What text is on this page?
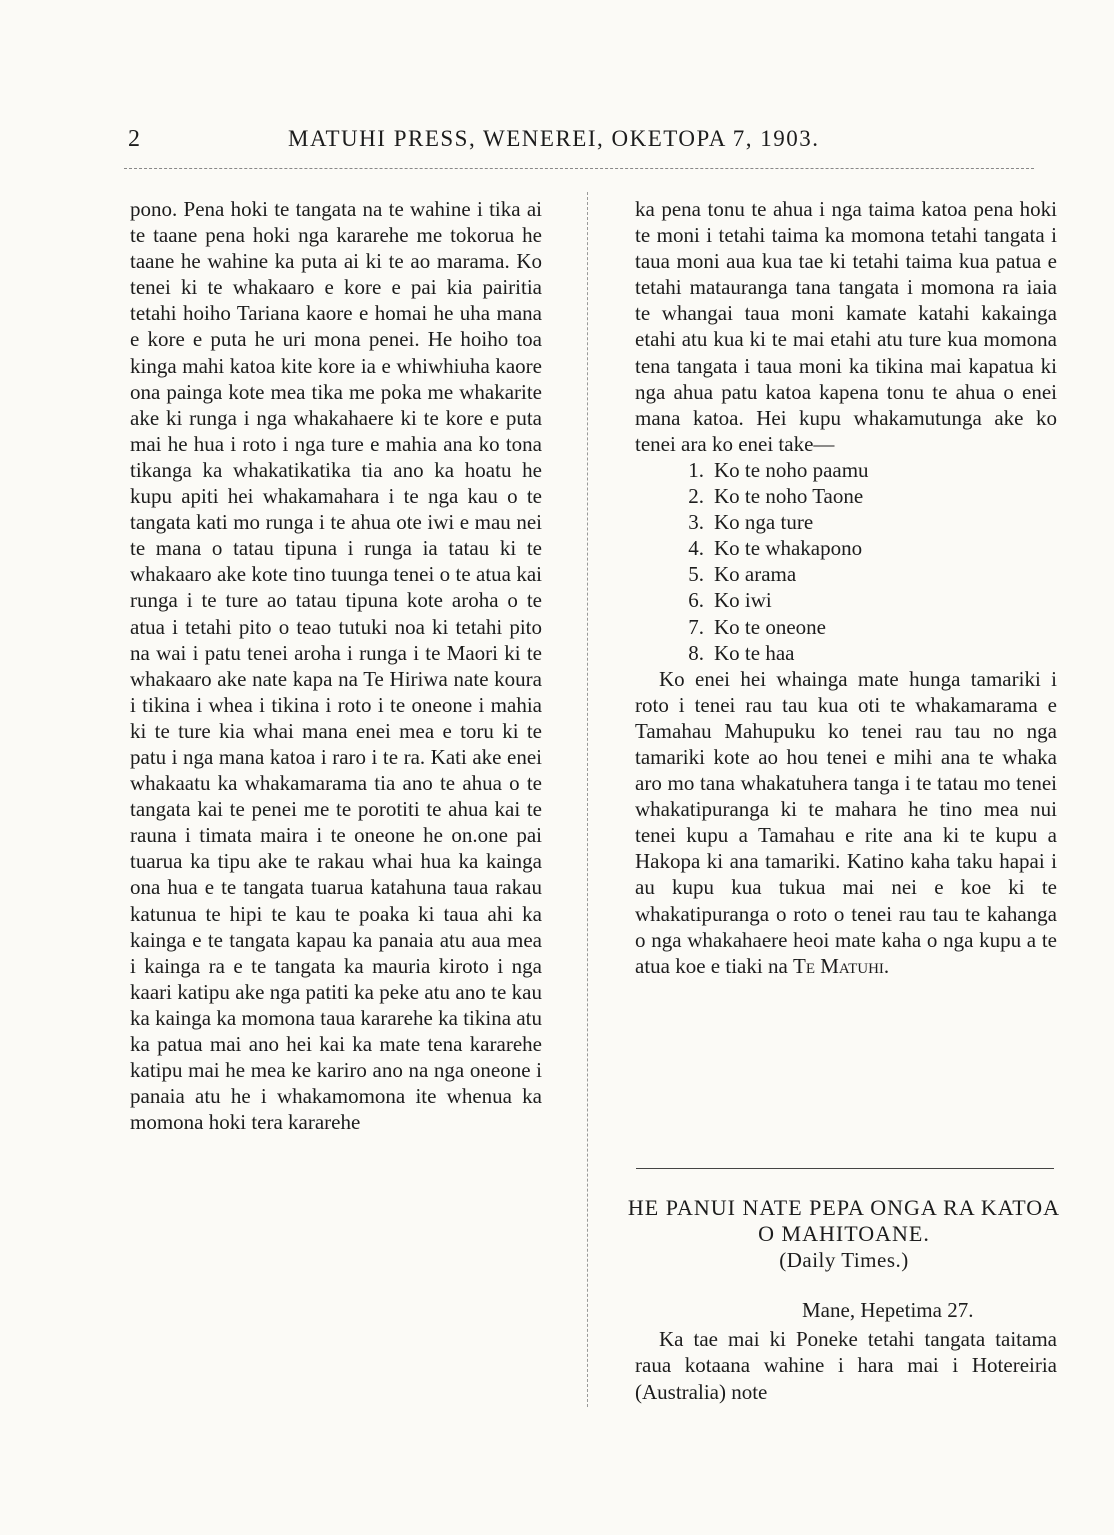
2	MATUHI PRESS, WENEREI, OKETOPA 7, 1903.

pono. Pena hoki te tangata na te wahine i tika ai te taane pena hoki nga kararehe me tokorua he taane he wahine ka puta ai ki te ao marama. Ko tenei ki te whakaaro e kore e pai kia pairitia tetahi hoiho Tariana kaore e homai he uha mana e kore e puta he uri mona penei. He hoiho toa kinga mahi katoa kite kore ia e whiwhiuha kaore ona painga kote mea tika me poka me whakarite ake ki runga i nga whakahaere ki te kore e puta mai he hua i roto i nga ture e mahia ana ko tona tikanga ka whakatikatika tia ano ka hoatu he kupu apiti hei whakamahara i te nga kau o te tangata kati mo runga i te ahua ote iwi e mau nei te mana o tatau tipuna i runga ia tatau ki te whakaaro ake kote tino tuunga tenei o te atua kai runga i te ture ao tatau tipuna kote aroha o te atua i tetahi pito o teao tutuki noa ki tetahi pito na wai i patu tenei aroha i runga i te Maori ki te whakaaro ake nate kapa na Te Hiriwa nate koura i tikina i whea i tikina i roto i te oneone i mahia ki te ture kia whai mana enei mea e toru ki te patu i nga mana katoa i raro i te ra. Kati ake enei whakaatu ka whakamarama tia ano te ahua o te tangata kai te penei me te porotiti te ahua kai te rauna i timata maira i te oneone he on.one pai tuarua ka tipu ake te rakau whai hua ka kainga ona hua e te tangata tuarua katahuna taua rakau katunua te hipi te kau te poaka ki taua ahi ka kainga e te tangata kapau ka panaia atu aua mea i kainga ra e te tangata ka mauria kiroto i nga kaari katipu ake nga patiti ka peke atu ano te kau ka kainga ka momona taua kararehe ka tikina atu ka patua mai ano hei kai ka mate tena kararehe katipu mai he mea ke kariro ano na nga oneone i panaia atu he i whakamomona ite whenua ka momona hoki tera kararehe

ka pena tonu te ahua i nga taima katoa pena hoki te moni i tetahi taima ka momona tetahi tangata i taua moni aua kua tae ki tetahi taima kua patua e tetahi matauranga tana tangata i momona ra iaia te whangai taua moni kamate katahi kakainga etahi atu kua ki te mai etahi atu ture kua momona tena tangata i taua moni ka tikina mai kapatua ki nga ahua patu katoa kapena tonu te ahua o enei mana katoa. Hei kupu whakamutunga ake ko tenei ara ko enei take—

1. Ko te noho paamu
2. Ko te noho Taone
3. Ko nga ture
4. Ko te whakapono
5. Ko arama
6. Ko iwi
7. Ko te oneone
8. Ko te haa

Ko enei hei whainga mate hunga tamariki i roto i tenei rau tau kua oti te whakamarama e Tamahau Mahupuku ko tenei rau tau no nga tamariki kote ao hou tenei e mihi ana te whaka aro mo tana whakatuhera tanga i te tatau mo tenei whakatipuranga ki te mahara he tino mea nui tenei kupu a Tamahau e rite ana ki te kupu a Hakopa ki ana tamariki. Katino kaha taku hapai i au kupu kua tukua mai nei e koe ki te whakatipuranga o roto o tenei rau tau te kahanga o nga whakahaere heoi mate kaha o nga kupu a te atua koe e tiaki na Te Matuhi.

HE PANUI NATE PEPA ONGA RA KATOA O MAHITOANE.
(Daily Times.)
Mane, Hepetima 27.

Ka tae mai ki Poneke tetahi tangata taitama raua kotaana wahine i hara mai i Hotereiria (Australia) note
